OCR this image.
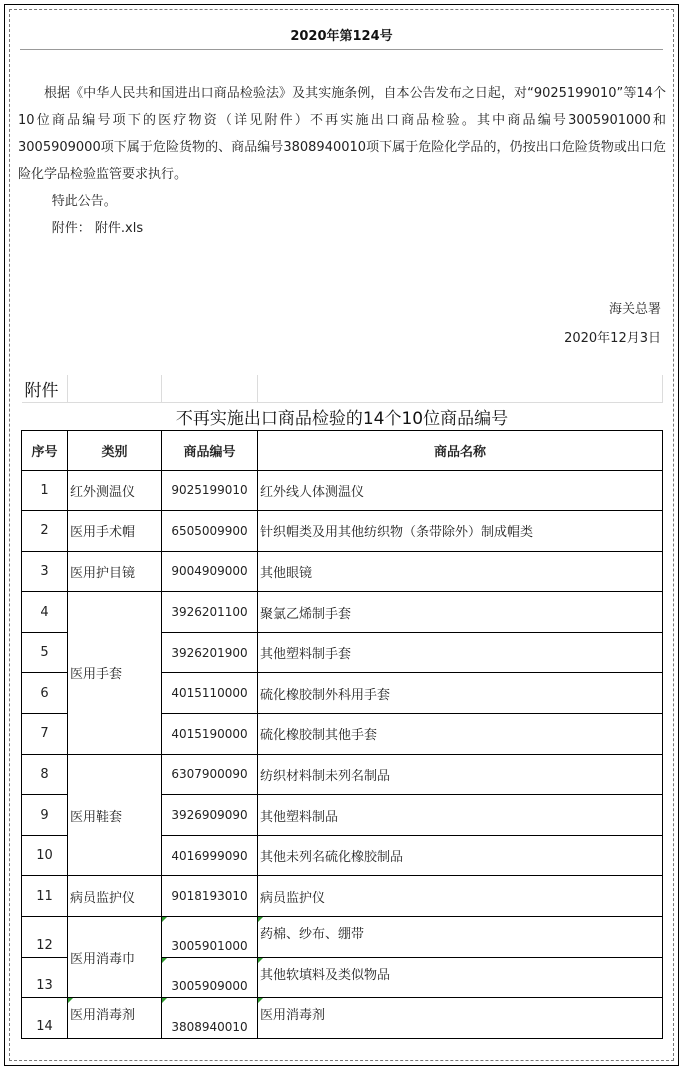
2020年第124号

根据《中华人民共和国进出口商品检验法》及其实施条例，自本公告发布之日起，对“9025199010”等14个10位商品编号项下的医疗物资（详见附件）不再实施出口商品检验。其中商品编号3005901000和3005909000项下属于危险货物的、商品编号3808940010项下属于危险化学品的，仍按出口危险货物或出口危险化学品检验监管要求执行。

特此公告。

附件： 附件.xls

海关总署
2020年12月3日
附件			
不再实施出口商品检验的14个10位商品编号			
序号	类别	商品编号	商品名称
1	红外测温仪	9025199010	红外线人体测温仪
2	医用手术帽	6505009900	针织帽类及用其他纺织物（条带除外）制成帽类
3	医用护目镜	9004909000	其他眼镜
4	医用手套	3926201100	聚氯乙烯制手套
5		3926201900	其他塑料制手套
6		4015110000	硫化橡胶制外科用手套
7		4015190000	硫化橡胶制其他手套
8	医用鞋套	6307900090	纺织材料制未列名制品
9		3926909090	其他塑料制品
10		4016999090	其他未列名硫化橡胶制品
11	病员监护仪	9018193010	病员监护仪
12	医用消毒巾	3005901000	药棉、纱布、绷带
13		3005909000	其他软填料及类似物品
14	医用消毒剂	3808940010	医用消毒剂
